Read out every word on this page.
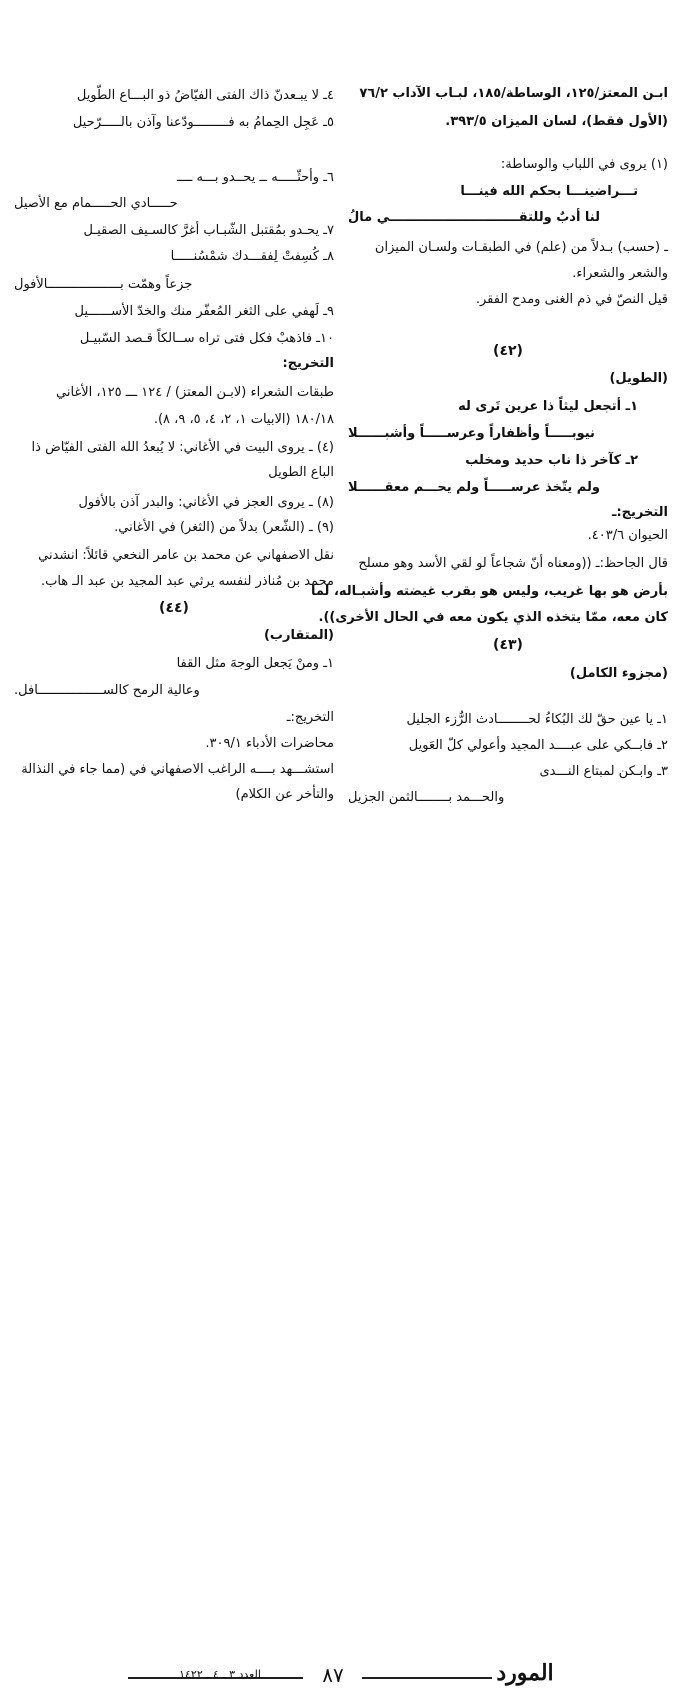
ابـن المعتز/١٢٥، الوساطة/١٨٥، لبـاب الآداب ٧٦/٢
(الأول فقط)، لسان الميزان ٣٩٣/٥.
(١) يروى في اللباب والوساطة:
تـــراضينـــا بحكم الله فينـــا
لنا أدبٌ وللتقـــــــــــــــــــــــــــــي مالُ
ـ (حسب) بـدلاً من (علم) في الطبقـات ولسـان الميزان
والشعر والشعراء.
قيل النصّ في ذم الغنى ومدح الفقر.
(٤٢)
(الطويل)
١ـ أتجعل ليثاً ذا عرين تَرى له
نيوبـــــاً وأظفاراً وعرســـــاً وأشبــــــلا
٢ـ كآخر ذا ناب حديد ومخلب
ولم يتّخذ عرســـــاً ولم يحـــم معقــــــلا
التخريج:ـ
الحيوان ٤٠٣/٦.
قال الجاحظ:ـ ((ومعناه أنّ شجاعاً لو لقي الأسد وهو مسلح
بأرض هو بها غريب، وليس هو بقرب غيضته وأشبـاله، لما
كان معه، ممّا يتخذه الذي يكون معه في الحال الأخرى)).
(٤٣)
(مجزوء الكامل)
١ـ يا عين حقّ لك البُكاءُ لحــــــــادث الرُّزء الجليل
٢ـ فابــكي على عبــــد المجيد وأعولي كلّ العَويل
٣ـ وابـكن لمبتاع النـــدى
والحـــمد بــــــــالثمن الجزيل
٤ـ لا يبـعدنّ ذاك الفتى الفيّاضُ ذو البـــاع الطّويل
٥ـ عَجِل الحِمامُ به فـــــــــودّعنا وآذن بالـــــرّحيل
٦ـ وأحثّـــــه ــ يحــدو بـــه ــــ
حـــــادي الحـــــمام مع الأصيل
٧ـ يحـدو بمُقتبل الشّبـاب أغرَّ كالسـيف الصقيـل
٨ـ كُسِفتْ لِفقـــدك شمْسُنـــــا
جزعاً وهمّت بـــــــــــــــــــالأفول
٩ـ لَهفي على الثغر المُعفّر منك والخدّ الأســــــيل
١٠ـ فاذهبْ فكل فتى تراه ســالكاً قـصد السّبيـل
التخريج:
طبقات الشعراء (لابـن المعتز) / ١٢٤ ـــ ١٢٥، الأغاني
١٨٠/١٨ (الابيات ١، ٢، ٤، ٥، ٩، ٨).
(٤) ـ يروى البيت في الأغاني: لا يُبعدُ الله الفتى الفيّاض ذا
الباع الطويل
(٨) ـ يروى العجز في الأغاني: والبدر آذن بالأفول
(٩) ـ (الشّعر) بدلاً من (الثغر) في الأغاني.
نقل الاصفهاني عن محمد بن عامر النخعي قائلاً: انشدني
محمد بن مُناذر لنفسه يرثي عبد المجيد بن عبد الـ هاب.
(٤٤)
(المتقارب)
١ـ ومنْ يَجعل الوجهَ مثل القفا
وعالية الرمح كالســـــــــــــــــافل.
التخريج:ـ
محاضرات الأدباء ٣٠٩/١.
استشـــهد بــــه الراغب الاصفهاني في (مما جاء في النذالة
والتأخر عن الكلام)
العدد ٣ ـ ٤ ـ ١٤٢٢	٨٧	المورد
